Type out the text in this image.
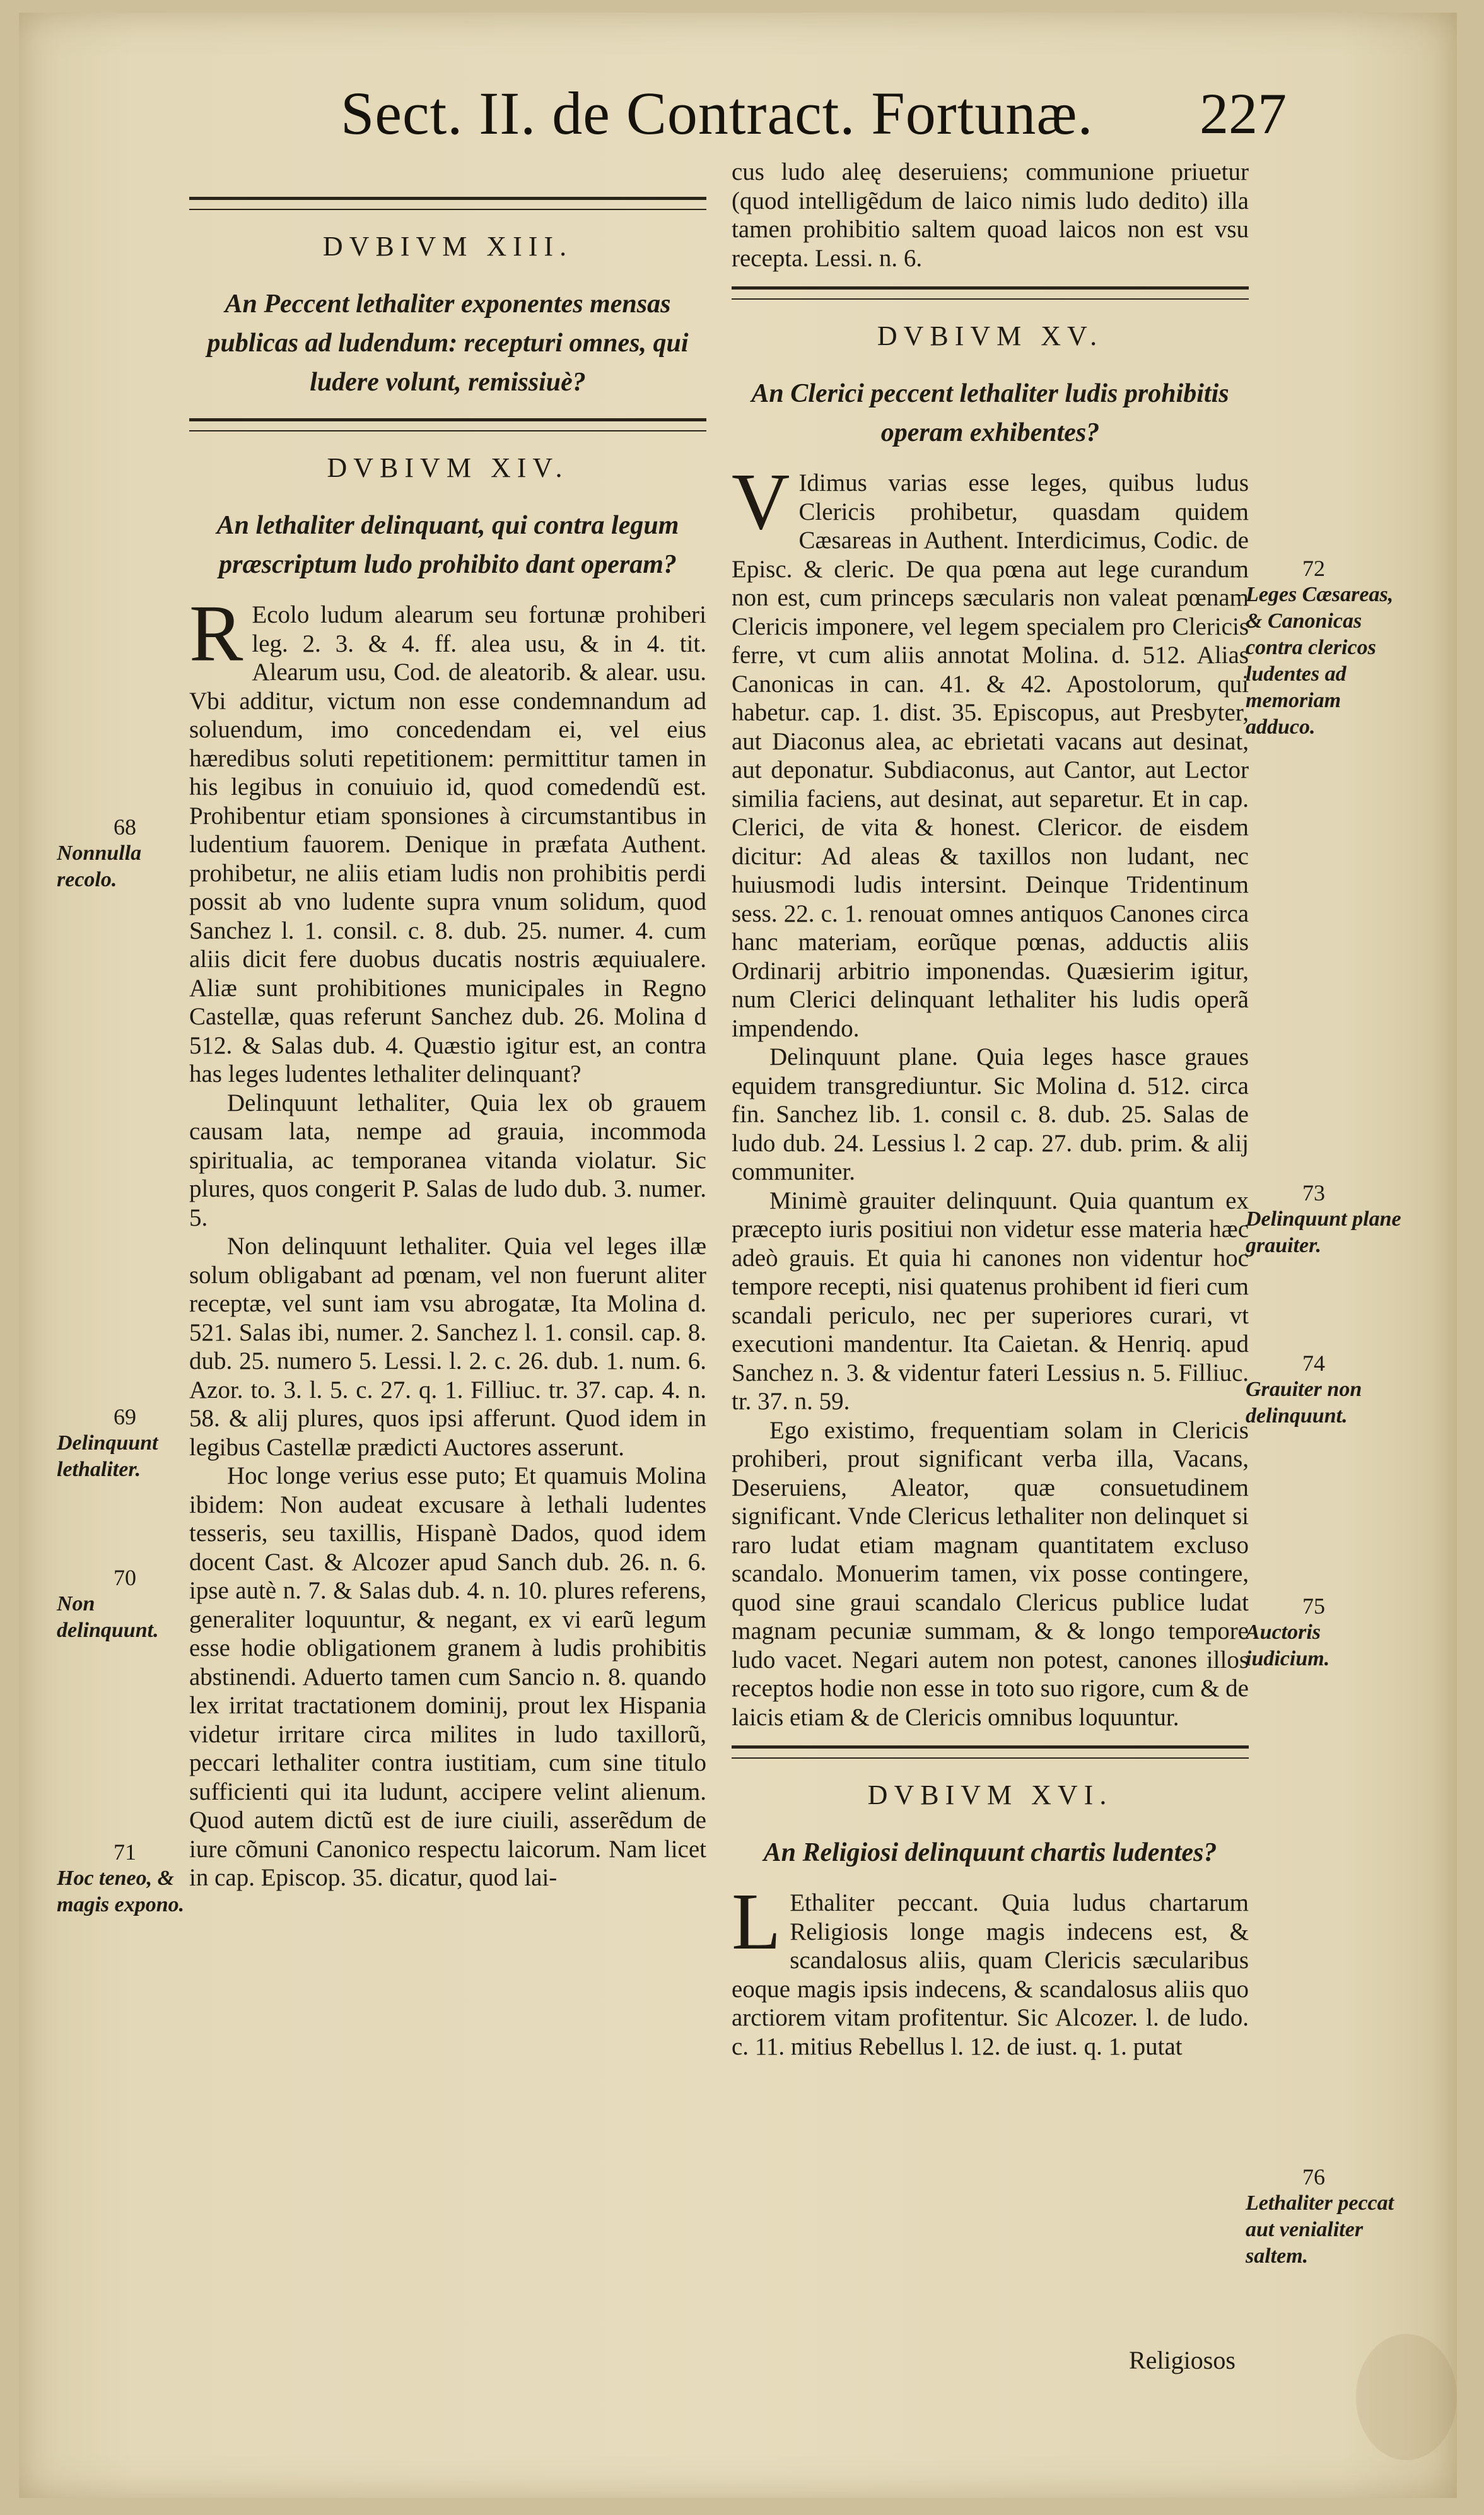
Sect. II. de Contract. Fortunæ. 227
DVBIVM XIII.
An Peccent lethaliter exponentes mensas publicas ad ludendum: recepturi omnes, qui ludere volunt, remissiuè?
DVBIVM XIV.
An lethaliter delinquant, qui contra legum præscriptum ludo prohibito dant operam?

R Ecolo ludum alearum seu fortunæ prohiberi leg. 2. 3. & 4. ff. alea usu, & in 4. tit. Alearum usu, Cod. de aleatorib. & alear. usu. Vbi additur, victum non esse condemnandum ad soluendum, imo concedendam ei, vel eius hæredibus soluti repetitionem: permittitur tamen in his legibus in conuiuio id, quod comedendũ est. Prohibentur etiam sponsiones à circumstantibus in ludentium fauorem. Denique in præfata Authent. prohibetur, ne aliis etiam ludis non prohibitis perdi possit ab vno ludente supra vnum solidum, quod Sanchez l. 1. consil. c. 8. dub. 25. numer. 4. cum aliis dicit fere duobus ducatis nostris æquiualere. Aliæ sunt prohibitiones municipales in Regno Castellæ, quas referunt Sanchez dub. 26. Molina d 512. & Salas dub. 4. Quæstio igitur est, an contra has leges ludentes lethaliter delinquant?

Delinquunt lethaliter, Quia lex ob grauem causam lata, nempe ad grauia, incommoda spiritualia, ac temporanea vitanda violatur. Sic plures, quos congerit P. Salas de ludo dub. 3. numer. 5.

Non delinquunt lethaliter. Quia vel leges illæ solum obligabant ad pœnam, vel non fuerunt aliter receptæ, vel sunt iam vsu abrogatæ, Ita Molina d. 521. Salas ibi, numer. 2. Sanchez l. 1. consil. cap. 8. dub. 25. numero 5. Lessi. l. 2. c. 26. dub. 1. num. 6. Azor. to. 3. l. 5. c. 27. q. 1. Filliuc. tr. 37. cap. 4. n. 58. & alij plures, quos ipsi afferunt. Quod idem in legibus Castellæ prædicti Auctores asserunt.

Hoc longe verius esse puto; Et quamuis Molina ibidem: Non audeat excusare à lethali ludentes tesseris, seu taxillis, Hispanè Dados, quod idem docent Cast. & Alcozer apud Sanch dub. 26. n. 6. ipse autè n. 7. & Salas dub. 4. n. 10. plures referens, generaliter loquuntur, & negant, ex vi earũ legum esse hodie obligationem granem à ludis prohibitis abstinendi. Aduerto tamen cum Sancio n. 8. quando lex irritat tractationem dominij, prout lex Hispania videtur irritare circa milites in ludo taxillorũ, peccari lethaliter contra iustitiam, cum sine titulo sufficienti qui ita ludunt, accipere velint alienum. Quod autem dictũ est de iure ciuili, asserẽdum de iure cõmuni Canonico respectu laicorum. Nam licet in cap. Episcop. 35. dicatur, quod lai-

68
Nonnulla recolo.
69
Delinquunt lethaliter.
70
Non delinquunt.
71
Hoc teneo, & magis expono.

cus ludo aleę deseruiens; communione priuetur (quod intelligẽdum de laico nimis ludo dedito) illa tamen prohibitio saltem quoad laicos non est vsu recepta. Lessi. n. 6.

DVBIVM XV.
An Clerici peccent lethaliter ludis prohibitis operam exhibentes?

V Idimus varias esse leges, quibus ludus Clericis prohibetur, quasdam quidem Cæsareas in Authent. Interdicimus, Codic. de Episc. & cleric. De qua pœna aut lege curandum non est, cum princeps sæcularis non valeat pœnam Clericis imponere, vel legem specialem pro Clericis ferre, vt cum aliis annotat Molina. d. 512. Alias Canonicas in can. 41. & 42. Apostolorum, qui habetur. cap. 1. dist. 35. Episcopus, aut Presbyter, aut Diaconus alea, ac ebrietati vacans aut desinat, aut deponatur. Subdiaconus, aut Cantor, aut Lector similia faciens, aut desinat, aut separetur. Et in cap. Clerici, de vita & honest. Clericor. de eisdem dicitur: Ad aleas & taxillos non ludant, nec huiusmodi ludis intersint. Deinque Tridentinum sess. 22. c. 1. renouat omnes antiquos Canones circa hanc materiam, eorũque pœnas, adductis aliis Ordinarij arbitrio imponendas. Quæsierim igitur, num Clerici delinquant lethaliter his ludis operã impendendo.

Delinquunt plane. Quia leges hasce graues equidem transgrediuntur. Sic Molina d. 512. circa fin. Sanchez lib. 1. consil c. 8. dub. 25. Salas de ludo dub. 24. Lessius l. 2 cap. 27. dub. prim. & alij communiter.

Minimè grauiter delinquunt. Quia quantum ex præcepto iuris positiui non videtur esse materia hæc adeò grauis. Et quia hi canones non videntur hoc tempore recepti, nisi quatenus prohibent id fieri cum scandali periculo, nec per superiores curari, vt executioni mandentur. Ita Caietan. & Henriq. apud Sanchez n. 3. & videntur fateri Lessius n. 5. Filliuc. tr. 37. n. 59.

Ego existimo, frequentiam solam in Clericis prohiberi, prout significant verba illa, Vacans, Deseruiens, Aleator, quæ consuetudinem significant. Vnde Clericus lethaliter non delinquet si raro ludat etiam magnam quantitatem excluso scandalo. Monuerim tamen, vix posse contingere, quod sine graui scandalo Clericus publice ludat magnam pecuniæ summam, & & longo tempore ludo vacet. Negari autem non potest, canones illos receptos hodie non esse in toto suo rigore, cum & de laicis etiam & de Clericis omnibus loquuntur.

DVBIVM XVI.
An Religiosi delinquunt chartis ludentes?

L Ethaliter peccant. Quia ludus chartarum Religiosis longe magis indecens est, & scandalosus aliis, quam Clericis sæcularibus eoque magis ipsis indecens, & scandalosus aliis quo arctiorem vitam profitentur. Sic Alcozer. l. de ludo. c. 11. mitius Rebellus l. 12. de iust. q. 1. putat

72
Leges Cæsareas, & Canonicas contra clericos ludentes ad memoriam adduco.
73
Delinquunt plane grauiter.
74
Grauiter non delinquunt.
75
Auctoris iudicium.
76
Lethaliter peccat aut venialiter saltem.
Religiosos
